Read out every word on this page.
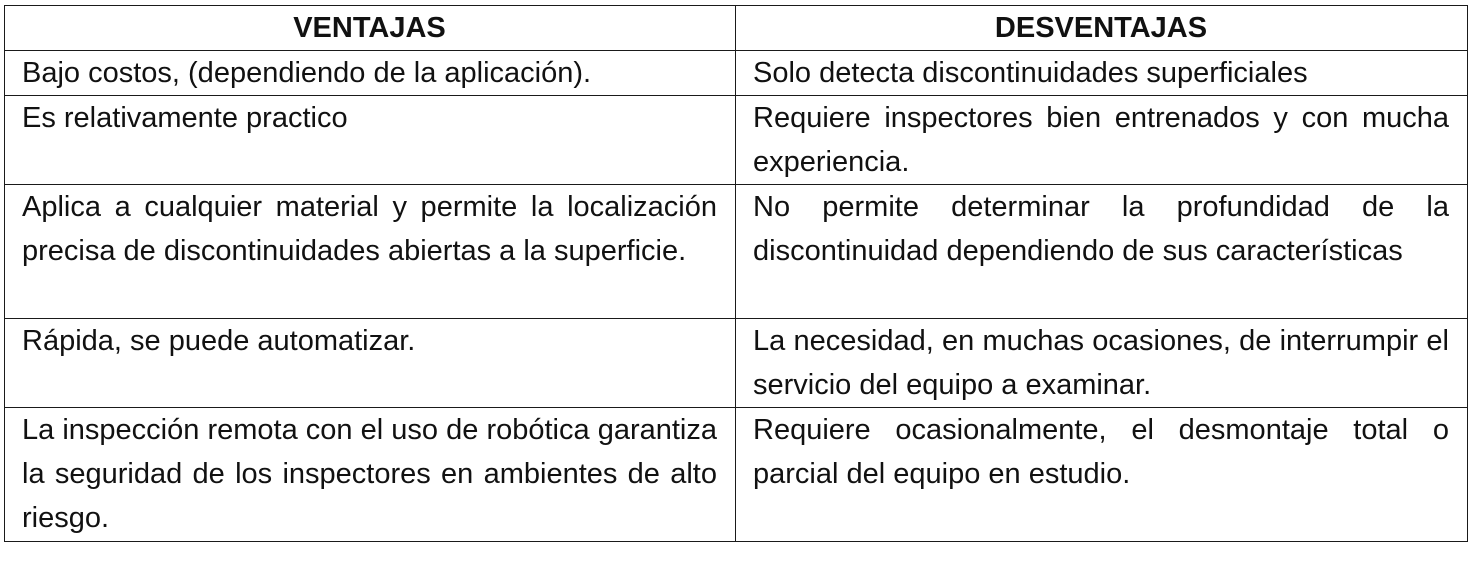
VENTAJAS	DESVENTAJAS
Bajo costos, (dependiendo de la aplicación).	Solo detecta discontinuidades superficiales
Es relativamente practico	Requiere inspectores bien entrenados y con mucha experiencia.
Aplica a cualquier material y permite la localización precisa de discontinuidades abiertas a la superficie.	No permite determinar la profundidad de la discontinuidad dependiendo de sus características
Rápida, se puede automatizar.	La necesidad, en muchas ocasiones, de interrumpir el servicio del equipo a examinar.
La inspección remota con el uso de robótica garantiza la seguridad de los inspectores en ambientes de alto riesgo.	Requiere ocasionalmente, el desmontaje total o parcial del equipo en estudio.
